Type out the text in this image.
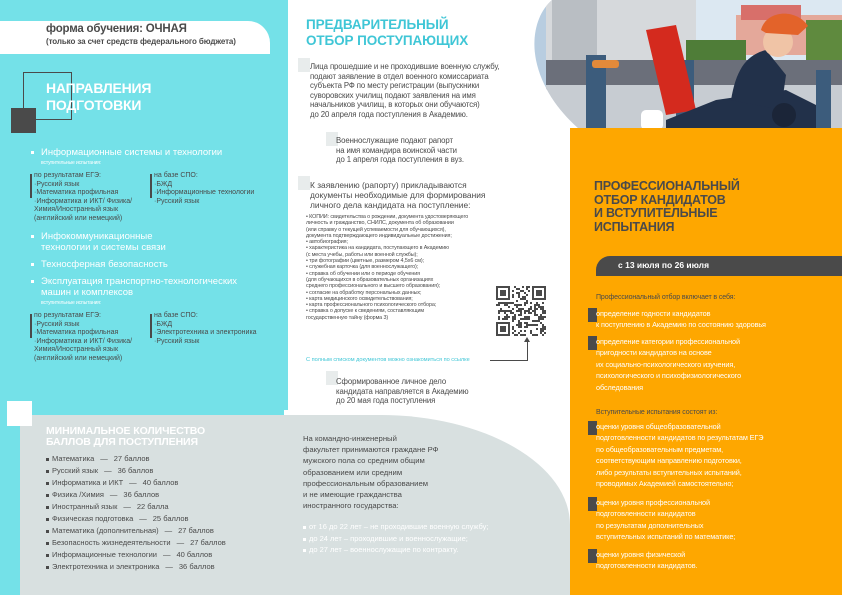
форма обучения: ОЧНАЯ
(только за счет средств федерального бюджета)
НАПРАВЛЕНИЯ
ПОДГОТОВКИ
Информационные системы и технологии
вступительные испытания:
по результатам ЕГЭ:
·Русский язык
·Математика профильная
·Информатика и ИКТ/ Физика/
Химия/Иностранный язык
(английский или немецкий)
на базе СПО:
·БЖД
·Информационные технологии
·Русский язык
Инфокоммуникационные
технологии и системы связи
Техносферная безопасность
Эксплуатация транспортно-технологических
машин и комплексов
вступительные испытания:
по результатам ЕГЭ:
·Русский язык
·Математика профильная
·Информатика и ИКТ/ Физика/
Химия/Иностранный язык
(английский или немецкий)
на базе СПО:
·БЖД
·Электротехника и электроника
·Русский язык
МИНИМАЛЬНОЕ КОЛИЧЕСТВО
БАЛЛОВ ДЛЯ ПОСТУПЛЕНИЯ
Математика — 27 баллов
Русский язык — 36 баллов
Информатика и ИКТ — 40 баллов
Физика /Химия — 36 баллов
Иностранный язык — 22 балла
Физическая подготовка — 25 баллов
Математика (дополнительная) — 27 баллов
Безопасность жизнедеятельности — 27 баллов
Информационные технологии — 40 баллов
Электротехника и электроника — 36 баллов
ПРЕДВАРИТЕЛЬНЫЙ
ОТБОР ПОСТУПАЮЩИХ
Лица прошедшие и не проходившие военную службу,
подают заявление в отдел военного комиссариата
субъекта РФ по месту регистрации (выпускники
суворовских училищ подают заявления на имя
начальников училищ, в которых они обучаются)
до 20 апреля года поступления в Академию.
Военнослужащие подают рапорт
на имя командира воинской части
до 1 апреля года поступления в вуз.
К заявлению (рапорту) прикладываются
документы необходимые для формирования
личного дела кандидата на поступление:
• КОПИИ: свидетельства о рождении, документа удостоверяющего
личность и гражданство, СНИЛС, документа об образовании
(или справку о текущей успеваемости для обучающихся),
документа подтверждающего индивидуальные достижения;
• автобиография;
• характеристика на кандидата, поступающего в Академию
(с места учебы, работы или военной службы);
• три фотографии (цветные, размером 4,5х6 см);
• служебная карточка (для военнослужащего);
• справка об обучении или о периоде обучения
(для обучающихся в образовательных организациях
среднего профессионального и высшего образования);
• согласие на обработку персональных данных;
• карта медицинского освидетельствования;
• карта профессионального психологического отбора;
• справка о допуске к сведениям, составляющим
государственную тайну (форма 3)
С полным списком документов можно ознакомиться по ссылке
Сформированное личное дело
кандидата направляется в Академию
до 20 мая года поступления
На командно-инженерный
факультет принимаются граждане РФ
мужского пола со средним общим
образованием или средним
профессиональным образованием
и не имеющие гражданства
иностранного государства:
от 16 до 22 лет – не проходившие военную службу;
до 24 лет – проходившие и военнослужащие;
до 27 лет – военнослужащие по контракту.
ПРОФЕССИОНАЛЬНЫЙ
ОТБОР КАНДИДАТОВ
И ВСТУПИТЕЛЬНЫЕ
ИСПЫТАНИЯ
с 13 июля по 26 июля
Профессиональный отбор включает в себя:
определение годности кандидатов
к поступлению в Академию по состоянию здоровья
определение категории профессиональной
пригодности кандидатов на основе
их социально-психологического изучения,
психологического и психофизиологического
обследования
Вступительные испытания состоят из:
оценки уровня общеобразовательной
подготовленности кандидатов по результатам ЕГЭ
по общеобразовательным предметам,
соответствующим направлению подготовки,
либо результаты вступительных испытаний,
проводимых Академией самостоятельно;
оценки уровня профессиональной
подготовленности кандидатов
по результатам дополнительных
вступительных испытаний по математике;
оценки уровня физической
подготовленности кандидатов.
